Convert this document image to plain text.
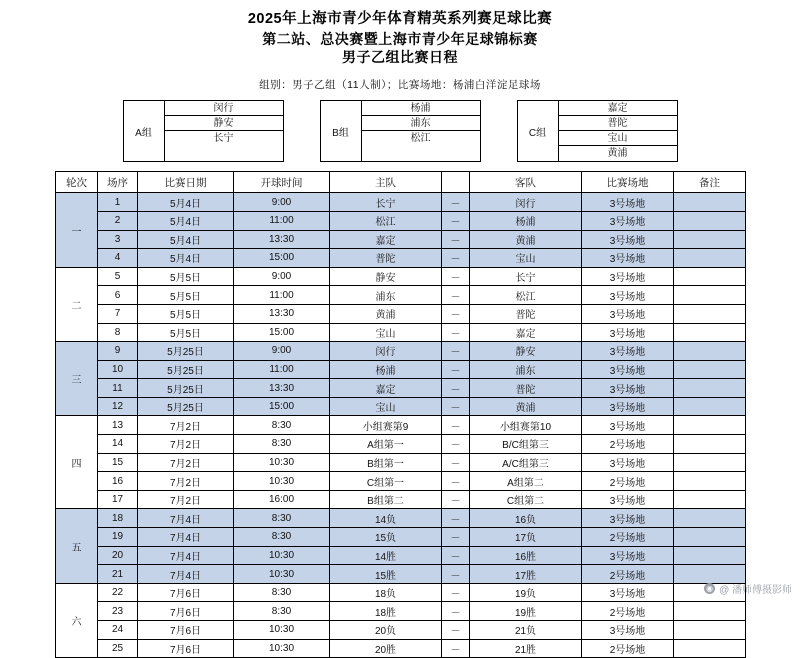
2025年上海市青少年体育精英系列赛足球比赛
第二站、总决赛暨上海市青少年足球锦标赛
男子乙组比赛日程
组别：男子乙组（11人制）；比赛场地：杨浦白洋淀足球场
A组
闵行
静安
长宁	B组
杨浦
浦东
松江	C组
嘉定
普陀
宝山
黄浦
轮次	场序	比赛日期	开球时间	主队		客队	比赛场地	备注
一	1	5月4日	9:00	长宁	－	闵行	3号场地	
	2	5月4日	11:00	松江	－	杨浦	3号场地	
	3	5月4日	13:30	嘉定	－	黄浦	3号场地	
	4	5月4日	15:00	普陀	－	宝山	3号场地	
二	5	5月5日	9:00	静安	－	长宁	3号场地	
	6	5月5日	11:00	浦东	－	松江	3号场地	
	7	5月5日	13:30	黄浦	－	普陀	3号场地	
	8	5月5日	15:00	宝山	－	嘉定	3号场地	
三	9	5月25日	9:00	闵行	－	静安	3号场地	
	10	5月25日	11:00	杨浦	－	浦东	3号场地	
	11	5月25日	13:30	嘉定	－	普陀	3号场地	
	12	5月25日	15:00	宝山	－	黄浦	3号场地	
四	13	7月2日	8:30	小组赛第9	－	小组赛第10	3号场地	
	14	7月2日	8:30	A组第一	－	B/C组第三	2号场地	
	15	7月2日	10:30	B组第一	－	A/C组第三	3号场地	
	16	7月2日	10:30	C组第一	－	A组第二	2号场地	
	17	7月2日	16:00	B组第二	－	C组第二	3号场地	
五	18	7月4日	8:30	14负	－	16负	3号场地	
	19	7月4日	8:30	15负	－	17负	2号场地	
	20	7月4日	10:30	14胜	－	16胜	3号场地	
	21	7月4日	10:30	15胜	－	17胜	2号场地	
六	22	7月6日	8:30	18负	－	19负	3号场地	
	23	7月6日	8:30	18胜	－	19胜	2号场地	
	24	7月6日	10:30	20负	－	21负	3号场地	
	25	7月6日	10:30	20胜	－	21胜	2号场地	
◉ @ 潘师傅摄影师
